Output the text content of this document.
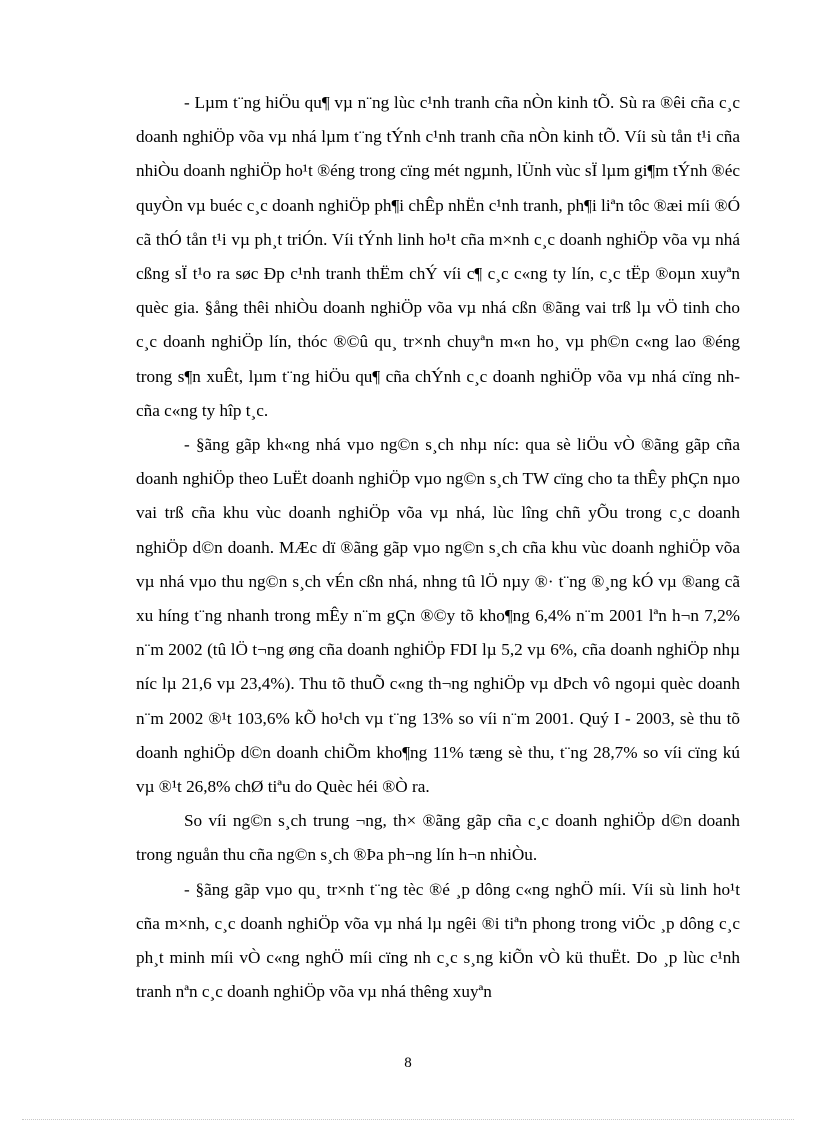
- Lµm t¨ng hiÖu qu¶ vµ n¨ng lùc c¹nh tranh cña nÒn kinh tÕ. Sù ra ®êi cña c¸c doanh nghiÖp võa vµ nhá lµm t¨ng tÝnh c¹nh tranh cña nÒn kinh tÕ. Víi sù tån t¹i cña nhiÒu doanh nghiÖp ho¹t ®éng trong cïng mét ngµnh, lÜnh vùc sÏ lµm gi¶m tÝnh ®éc quyÒn vµ buéc c¸c doanh nghiÖp ph¶i chÊp nhËn c¹nh tranh, ph¶i liªn tôc ®æi míi ®Ó cã thÓ tån t¹i vµ ph¸t triÓn. Víi tÝnh linh ho¹t cña m×nh c¸c doanh nghiÖp võa vµ nhá cßng sÏ t¹o ra søc Ðp c¹nh tranh thËm chÝ víi c¶ c¸c c«ng ty lín, c¸c tËp ®oµn xuyªn quèc gia. §ång thêi nhiÒu doanh nghiÖp võa vµ nhá cßn ®ãng vai trß lµ vÖ tinh cho c¸c doanh nghiÖp lín, thóc ®©û qu¸ tr×nh chuyªn m«n ho¸ vµ ph©n c«ng lao ®éng trong s¶n xuÊt, lµm t¨ng hiÖu qu¶ cña chÝnh c¸c doanh nghiÖp võa vµ nhá cïng nh cña c«ng ty hîp t¸c.

- §ãng gãp kh«ng nhá vµo ng©n s¸ch nhµ níc: qua sè liÖu vÒ ®ãng gãp cña doanh nghiÖp theo LuËt doanh nghiÖp vµo ng©n s¸ch TW cïng cho ta thÊy phÇn nµo vai trß cña khu vùc doanh nghiÖp võa vµ nhá, lùc lîng chñ yÕu trong c¸c doanh nghiÖp d©n doanh. MÆc dï ®ãng gãp vµo ng©n s¸ch cña khu vùc doanh nghiÖp võa vµ nhá vµo thu ng©n s¸ch vÉn cßn nhá, nhng tû lÖ nµy ®· t¨ng ®¸ng kÓ vµ ®ang cã xu híng t¨ng nhanh trong mÊy n¨m gÇn ®©y tõ kho¶ng 6,4% n¨m 2001 lªn h¬n 7,2% n¨m 2002 (tû lÖ t¬ng øng cña doanh nghiÖp FDI lµ 5,2 vµ 6%, cña doanh nghiÖp nhµ níc lµ 21,6 vµ 23,4%). Thu tõ thuÕ c«ng th¬ng nghiÖp vµ dÞch vô ngoµi quèc doanh n¨m 2002 ®¹t 103,6% kÕ ho¹ch vµ t¨ng 13% so víi n¨m 2001. Quý I - 2003, sè thu tõ doanh nghiÖp d©n doanh chiÕm kho¶ng 11% tæng sè thu, t¨ng 28,7% so víi cïng kú vµ ®¹t 26,8% chØ tiªu do Quèc héi ®Ò ra.

So víi ng©n s¸ch trung ¬ng, th× ®ãng gãp cña c¸c doanh nghiÖp d©n doanh trong nguån thu cña ng©n s¸ch ®Þa ph¬ng lín h¬n nhiÒu.

- §ãng gãp vµo qu¸ tr×nh t¨ng tèc ®é ¸p dông c«ng nghÖ míi. Víi sù linh ho¹t cña m×nh, c¸c doanh nghiÖp võa vµ nhá lµ ngêi ®i tiªn phong trong viÖc ¸p dông c¸c ph¸t minh míi vÒ c«ng nghÖ míi cïng nh c¸c s¸ng kiÕn vÒ kü thuËt. Do ¸p lùc c¹nh tranh nªn c¸c doanh nghiÖp võa vµ nhá thêng xuyªn

8
